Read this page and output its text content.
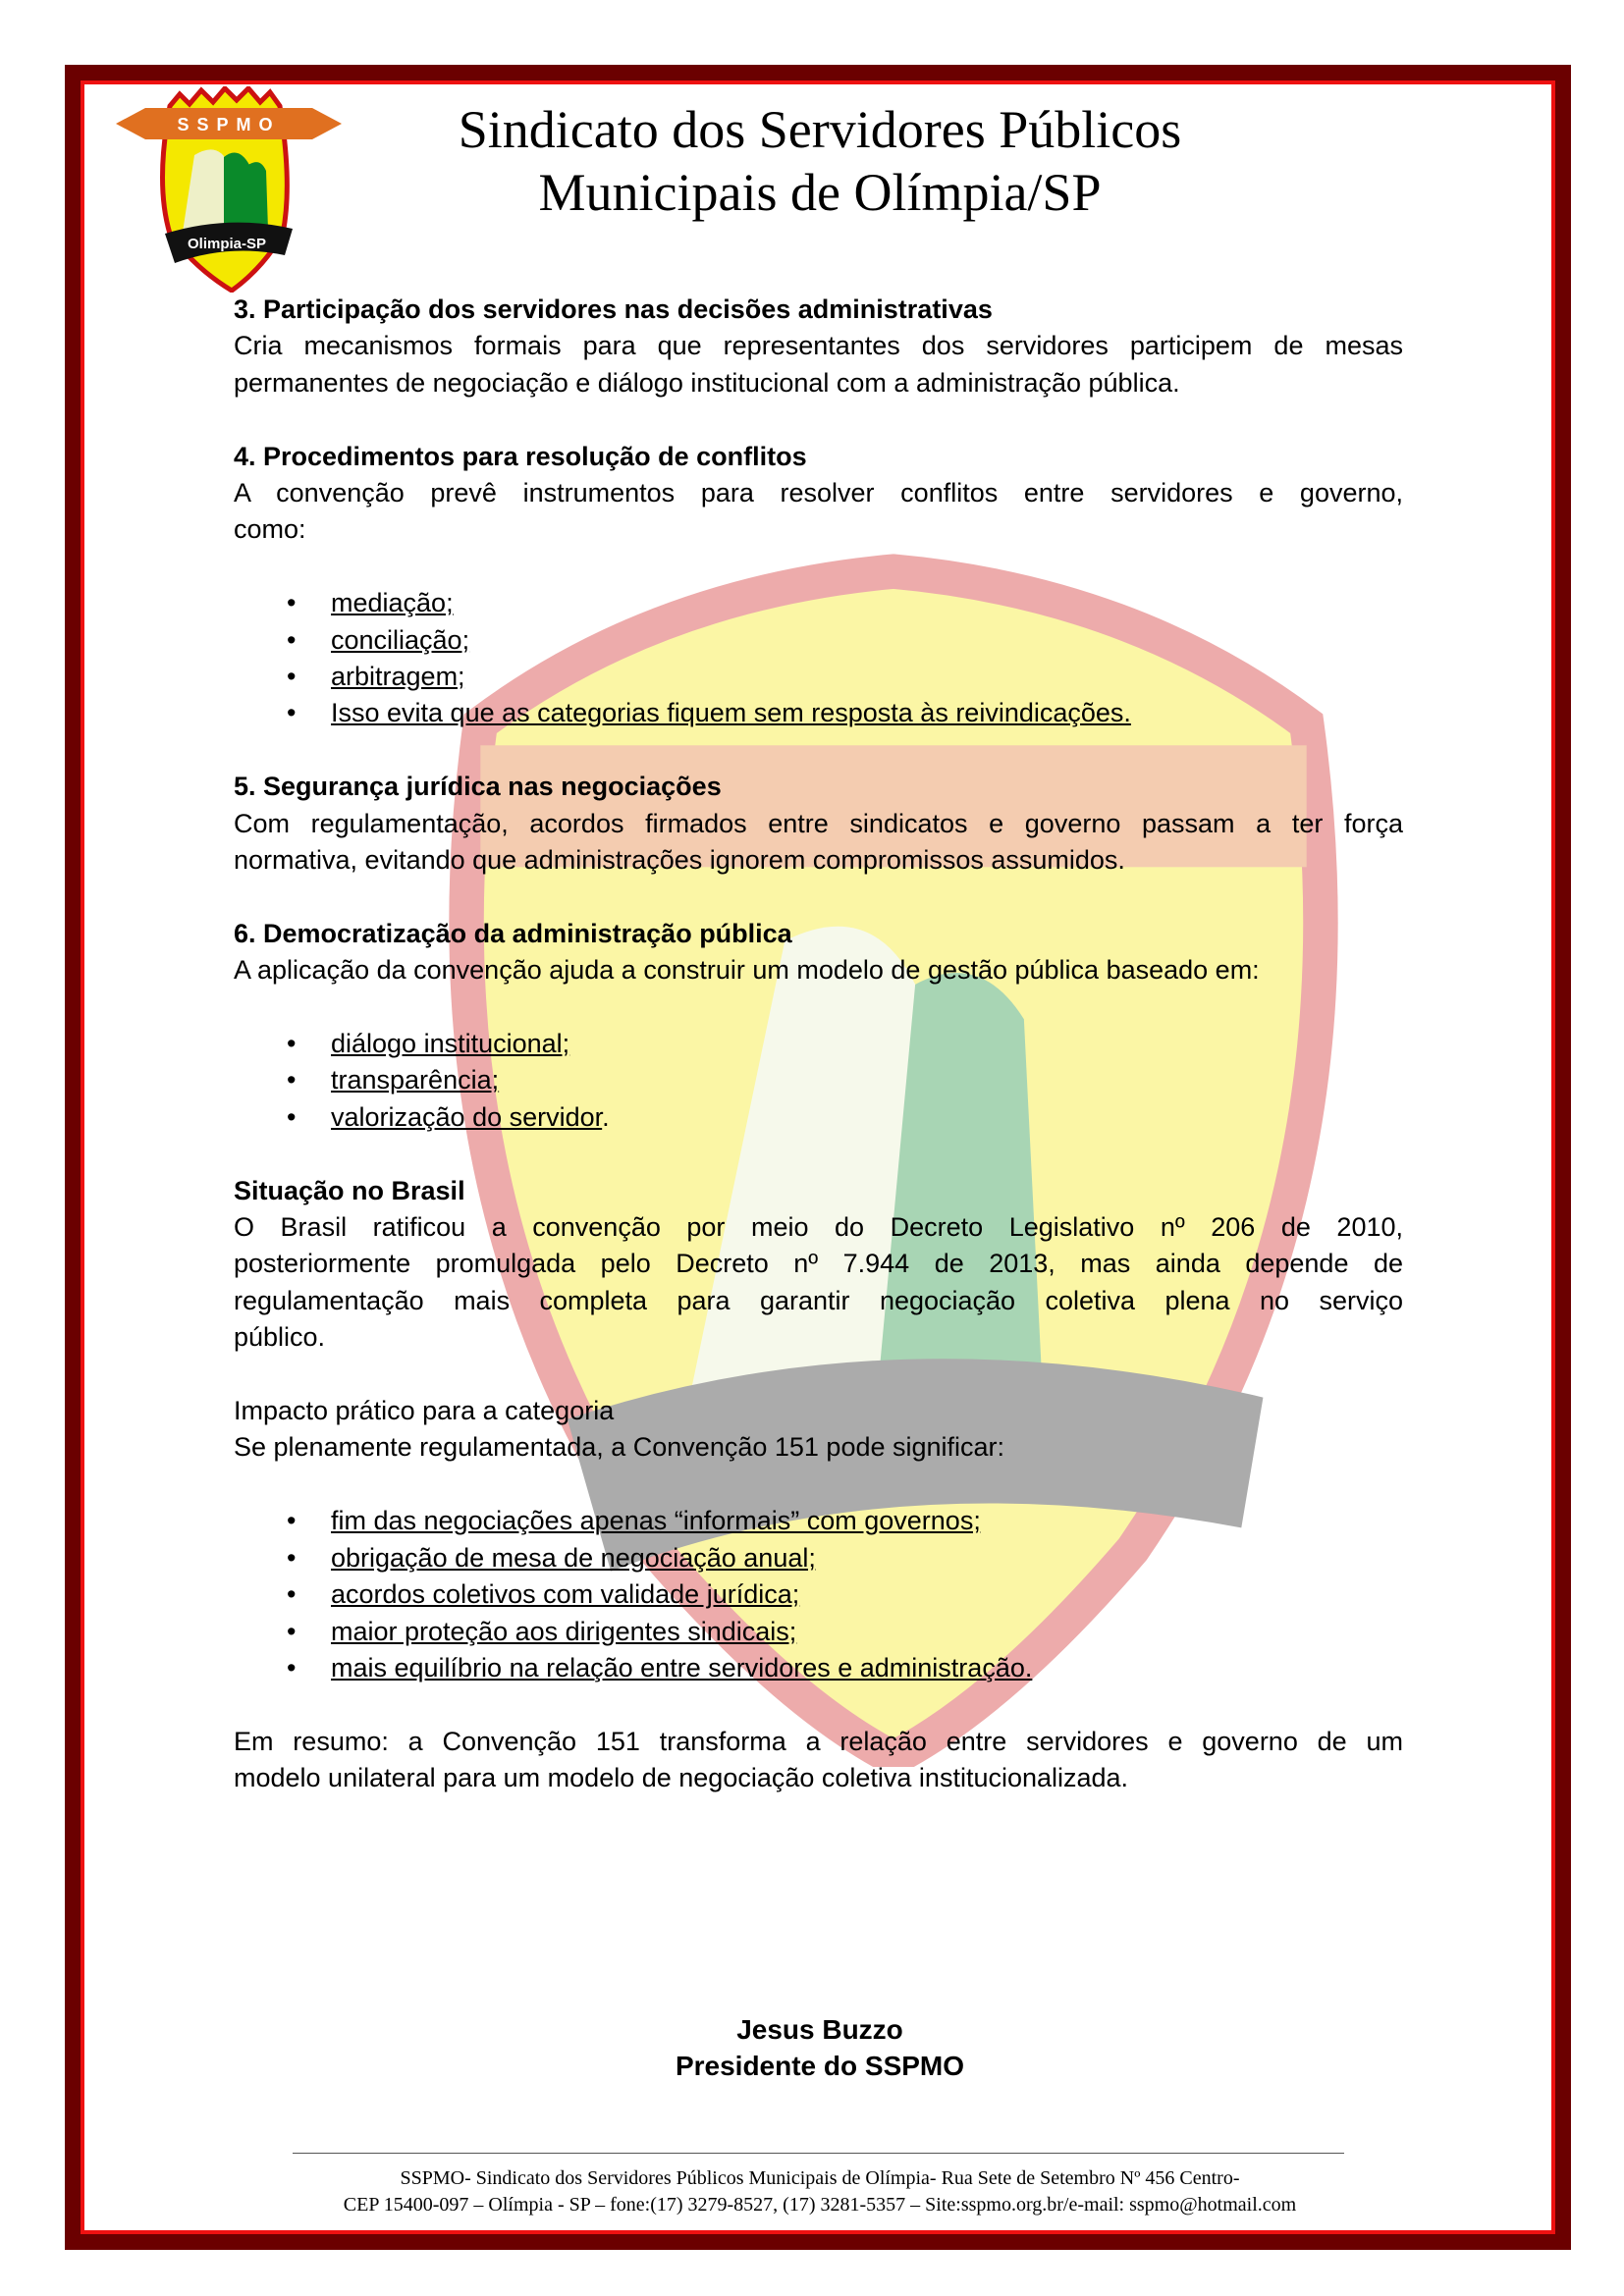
SSPMO
Olimpia-SP
Sindicato dos Servidores Públicos
Municipais de Olímpia/SP
3. Participação dos servidores nas decisões administrativas
Cria mecanismos formais para que representantes dos servidores participem de mesas
permanentes de negociação e diálogo institucional com a administração pública.
4. Procedimentos para resolução de conflitos
A convenção prevê instrumentos para resolver conflitos entre servidores e governo,
como:
• mediação;
• conciliação;
• arbitragem;
• Isso evita que as categorias fiquem sem resposta às reivindicações.
5. Segurança jurídica nas negociações
Com regulamentação, acordos firmados entre sindicatos e governo passam a ter força
normativa, evitando que administrações ignorem compromissos assumidos.
6. Democratização da administração pública
A aplicação da convenção ajuda a construir um modelo de gestão pública baseado em:
• diálogo institucional;
• transparência;
• valorização do servidor.
Situação no Brasil
O Brasil ratificou a convenção por meio do Decreto Legislativo nº 206 de 2010,
posteriormente promulgada pelo Decreto nº 7.944 de 2013, mas ainda depende de
regulamentação mais completa para garantir negociação coletiva plena no serviço
público.
Impacto prático para a categoria
Se plenamente regulamentada, a Convenção 151 pode significar:
• fim das negociações apenas “informais” com governos;
• obrigação de mesa de negociação anual;
• acordos coletivos com validade jurídica;
• maior proteção aos dirigentes sindicais;
• mais equilíbrio na relação entre servidores e administração.
Em resumo: a Convenção 151 transforma a relação entre servidores e governo de um
modelo unilateral para um modelo de negociação coletiva institucionalizada.
Jesus Buzzo
Presidente do SSPMO
SSPMO- Sindicato dos Servidores Públicos Municipais de Olímpia- Rua Sete de Setembro Nº 456 Centro-
CEP 15400-097 – Olímpia - SP – fone:(17) 3279-8527, (17) 3281-5357 – Site:sspmo.org.br/e-mail: sspmo@hotmail.com
